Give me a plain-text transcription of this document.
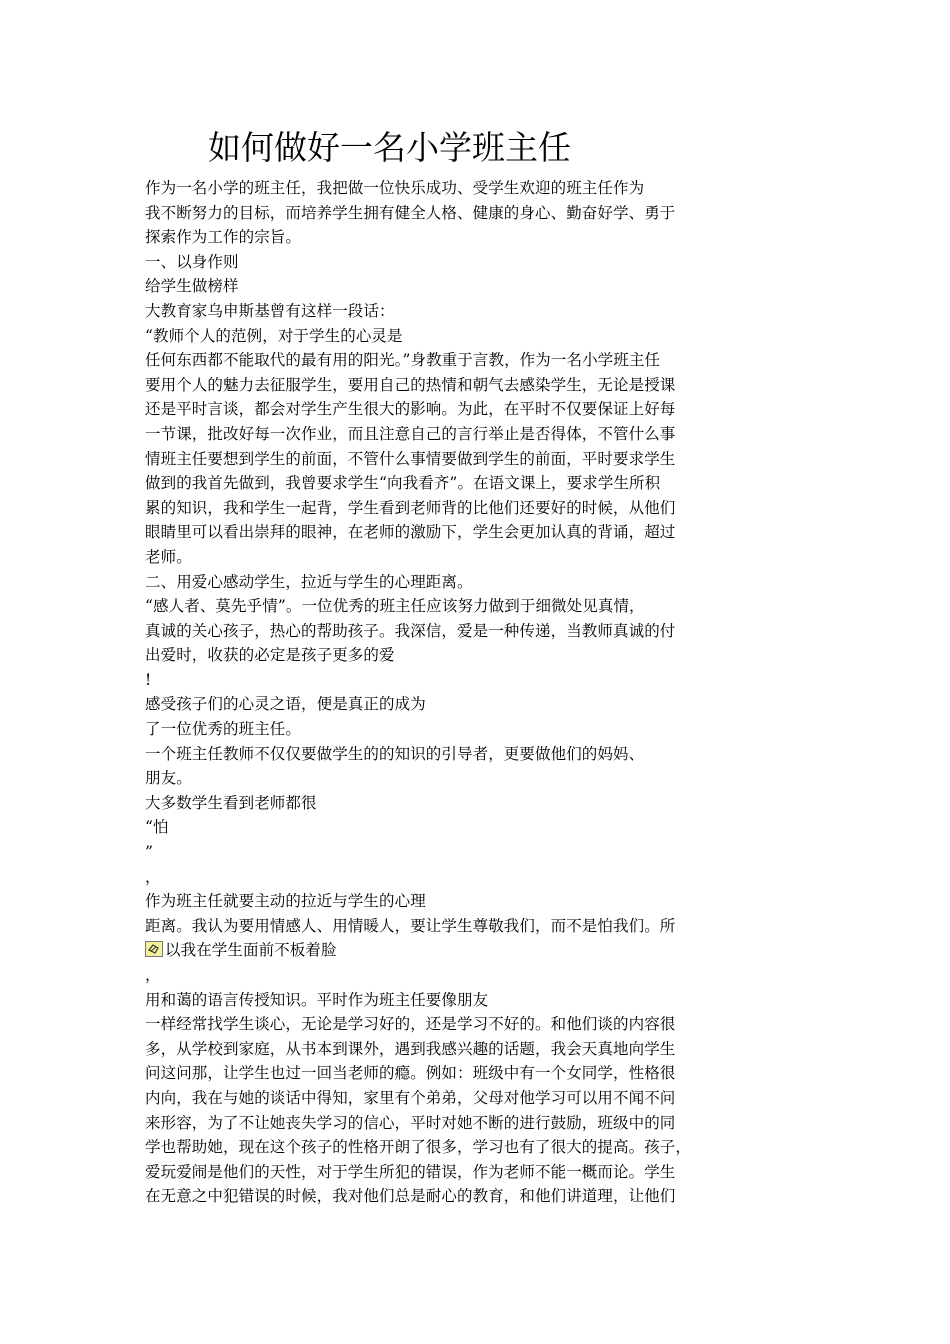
如何做好一名小学班主任
作为一名小学的班主任，我把做一位快乐成功、受学生欢迎的班主任作为
我不断努力的目标，而培养学生拥有健全人格、健康的身心、勤奋好学、勇于
探索作为工作的宗旨。
一、以身作则
给学生做榜样
大教育家乌申斯基曾有这样一段话：
“教师个人的范例，对于学生的心灵是
任何东西都不能取代的最有用的阳光。”身教重于言教，作为一名小学班主任
要用个人的魅力去征服学生，要用自己的热情和朝气去感染学生，无论是授课
还是平时言谈，都会对学生产生很大的影响。为此，在平时不仅要保证上好每
一节课，批改好每一次作业，而且注意自己的言行举止是否得体，不管什么事
情班主任要想到学生的前面，不管什么事情要做到学生的前面，平时要求学生
做到的我首先做到，我曾要求学生“向我看齐”。在语文课上，要求学生所积
累的知识，我和学生一起背，学生看到老师背的比他们还要好的时候，从他们
眼睛里可以看出崇拜的眼神，在老师的激励下，学生会更加认真的背诵，超过
老师。
二、用爱心感动学生，拉近与学生的心理距离。
“感人者、莫先乎情”。一位优秀的班主任应该努力做到于细微处见真情，
真诚的关心孩子，热心的帮助孩子。我深信，爱是一种传递，当教师真诚的付
出爱时，收获的必定是孩子更多的爱
!
感受孩子们的心灵之语，便是真正的成为
了一位优秀的班主任。
一个班主任教师不仅仅要做学生的的知识的引导者，更要做他们的妈妈、
朋友。
大多数学生看到老师都很
“怕
”
，
作为班主任就要主动的拉近与学生的心理
距离。我认为要用情感人、用情暖人，要让学生尊敬我们，而不是怕我们。所
以我在学生面前不板着脸
，
用和蔼的语言传授知识。平时作为班主任要像朋友
一样经常找学生谈心，无论是学习好的，还是学习不好的。和他们谈的内容很
多，从学校到家庭，从书本到课外，遇到我感兴趣的话题，我会天真地向学生
问这问那，让学生也过一回当老师的瘾。例如：班级中有一个女同学，性格很
内向，我在与她的谈话中得知，家里有个弟弟，父母对他学习可以用不闻不问
来形容，为了不让她丧失学习的信心，平时对她不断的进行鼓励，班级中的同
学也帮助她，现在这个孩子的性格开朗了很多，学习也有了很大的提高。孩子，
爱玩爱闹是他们的天性，对于学生所犯的错误，作为老师不能一概而论。学生
在无意之中犯错误的时候，我对他们总是耐心的教育，和他们讲道理，让他们
